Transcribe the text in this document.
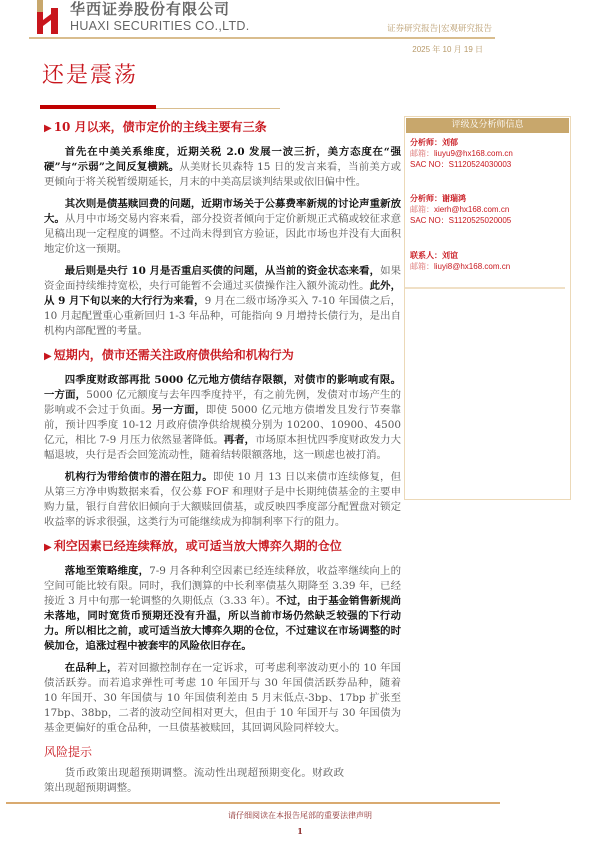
华西证券股份有限公司
HUAXI SECURITIES CO.,LTD.	证券研究报告|宏观研究报告
2025 年 10 月 19 日
还是震荡
▶ 10 月以来，债市定价的主线主要有三条

首先在中美关系维度，近期关税 2.0 发展一波三折，美方态度在“强硬”与“示弱”之间反复横跳。从美财长贝森特 15 日的发言来看，当前美方或更倾向于将关税暂缓期延长，月末的中美高层谈判结果或依旧偏中性。

其次则是债基赎回费的问题，近期市场关于公募费率新规的讨论声重新放大。从月中市场交易内容来看，部分投资者倾向于定价新规正式稿或较征求意见稿出现一定程度的调整。不过尚未得到官方验证，因此市场也并没有大面积地定价这一预期。

最后则是央行 10 月是否重启买债的问题，从当前的资金状态来看，如果资金面持续维持宽松，央行可能暂不会通过买债操作注入额外流动性。此外，从 9 月下旬以来的大行行为来看，9 月在二级市场净买入 7-10 年国债之后，10 月起配置重心重新回归 1-3 年品种，可能指向 9 月增持长债行为，是出自机构内部配置的考量。

▶ 短期内，债市还需关注政府债供给和机构行为

四季度财政部再批 5000 亿元地方债结存限额，对债市的影响或有限。一方面，5000 亿元额度与去年四季度持平，有之前先例，发债对市场产生的影响或不会过于负面。另一方面，即使 5000 亿元地方债增发且发行节奏靠前，预计四季度 10-12 月政府债净供给规模分别为 10200、10900、4500 亿元，相比 7-9 月压力依然显著降低。再者，市场原本担忧四季度财政发力大幅退坡，央行是否会回笼流动性，随着结转限额落地，这一顾虑也被打消。

机构行为带给债市的潜在阻力。即使 10 月 13 日以来债市连续修复，但从第三方净申购数据来看，仅公募 FOF 和理财子是中长期纯债基金的主要申购力量，银行自营依旧倾向于大额赎回债基，或反映四季度部分配置盘对锁定收益率的诉求很强，这类行为可能继续成为抑制利率下行的阻力。

▶ 利空因素已经连续释放，或可适当放大博弈久期的仓位

落地至策略维度，7-9 月各种利空因素已经连续释放，收益率继续向上的空间可能比较有限。同时，我们测算的中长利率债基久期降至 3.39 年，已经接近 3 月中旬那一轮调整的久期低点（3.33 年）。不过，由于基金销售新规尚未落地，同时宽货币预期还没有升温，所以当前市场仍然缺乏较强的下行动力。所以相比之前，或可适当放大博弈久期的仓位，不过建议在市场调整的时候加仓，追涨过程中被套牢的风险依旧存在。

在品种上，若对回撤控制存在一定诉求，可考虑利率波动更小的 10 年国债活跃券。而若追求弹性可考虑 10 年国开与 30 年国债活跃券品种，随着 10 年国开、30 年国债与 10 年国债利差由 5 月末低点-3bp、17bp 扩张至 17bp、38bp，二者的波动空间相对更大，但由于 10 年国开与 30 年国债为基金更偏好的重仓品种，一旦债基被赎回，其回调风险同样较大。

风险提示

货币政策出现超预期调整。流动性出现超预期变化。财政政策出现超预期调整。

评级及分析师信息
分析师：刘郁
邮箱：liuyu9@hx168.com.cn
SAC NO：S1120524030003
分析师：谢瑞鸿
邮箱：xierh@hx168.com.cn
SAC NO：S1120525020005
联系人：刘谊
邮箱：liuyi8@hx168.com.cn
请仔细阅读在本报告尾部的重要法律声明
1
